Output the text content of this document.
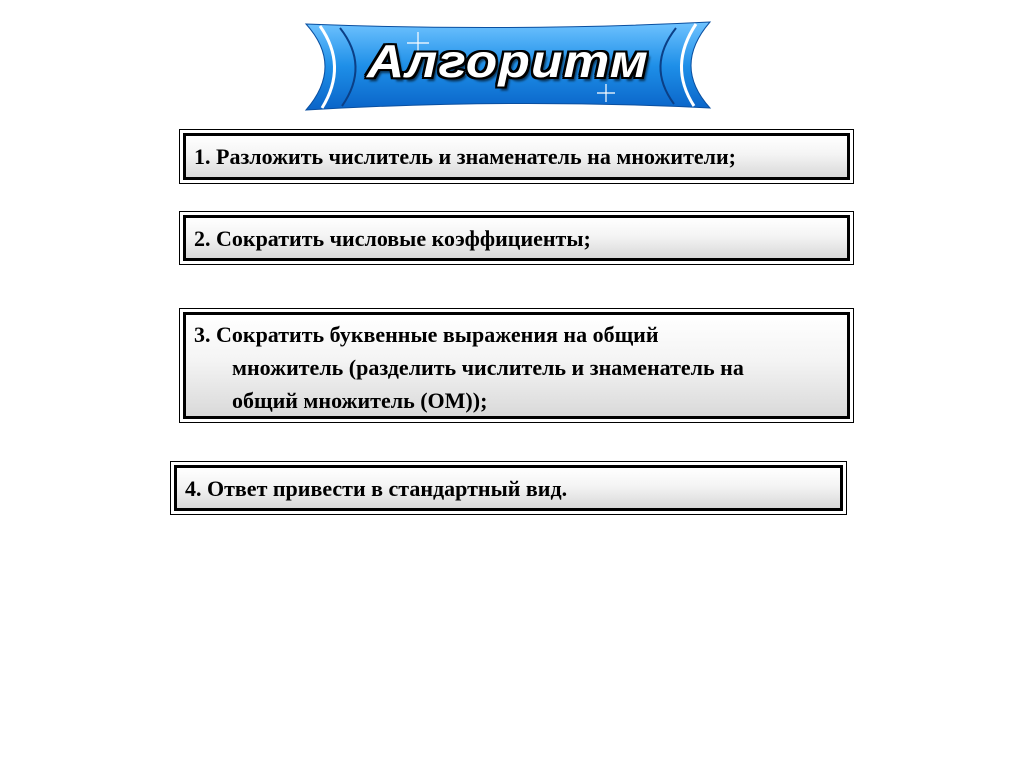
Алгоритм
1. Разложить числитель и знаменатель на множители;
2. Сократить числовые коэффициенты;
3. Сократить буквенные выражения на общий
множитель (разделить числитель и знаменатель на
общий множитель (ОМ));
4. Ответ привести в стандартный вид.
